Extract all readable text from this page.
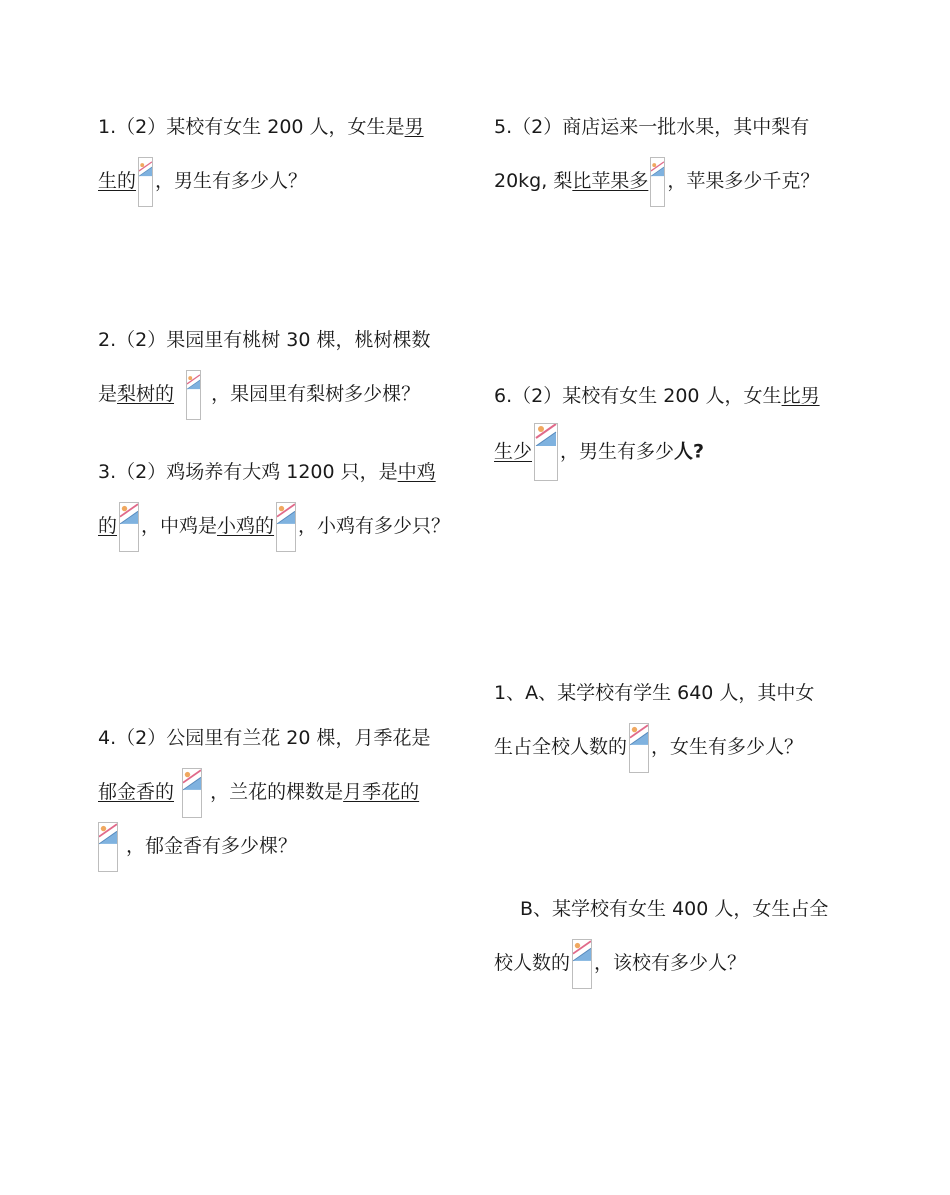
1.（2）某校有女生 200 人，女生是男
生的 ，男生有多少人？
2.（2）果园里有桃树 30 棵，桃树棵数
是梨树的 ，果园里有梨树多少棵？
3.（2）鸡场养有大鸡 1200 只，是中鸡
的 ，中鸡是小鸡的 ，小鸡有多少只？
4.（2）公园里有兰花 20 棵，月季花是
郁金香的 ，兰花的棵数是月季花的
，郁金香有多少棵？
5.（2）商店运来一批水果，其中梨有
20kg, 梨比苹果多 ，苹果多少千克？
6.（2）某校有女生 200 人，女生比男
生少 ，男生有多少人?
1、A、某学校有学生 640 人，其中女
生占全校人数的 ，女生有多少人？
B、某学校有女生 400 人，女生占全
校人数的 ，该校有多少人？
